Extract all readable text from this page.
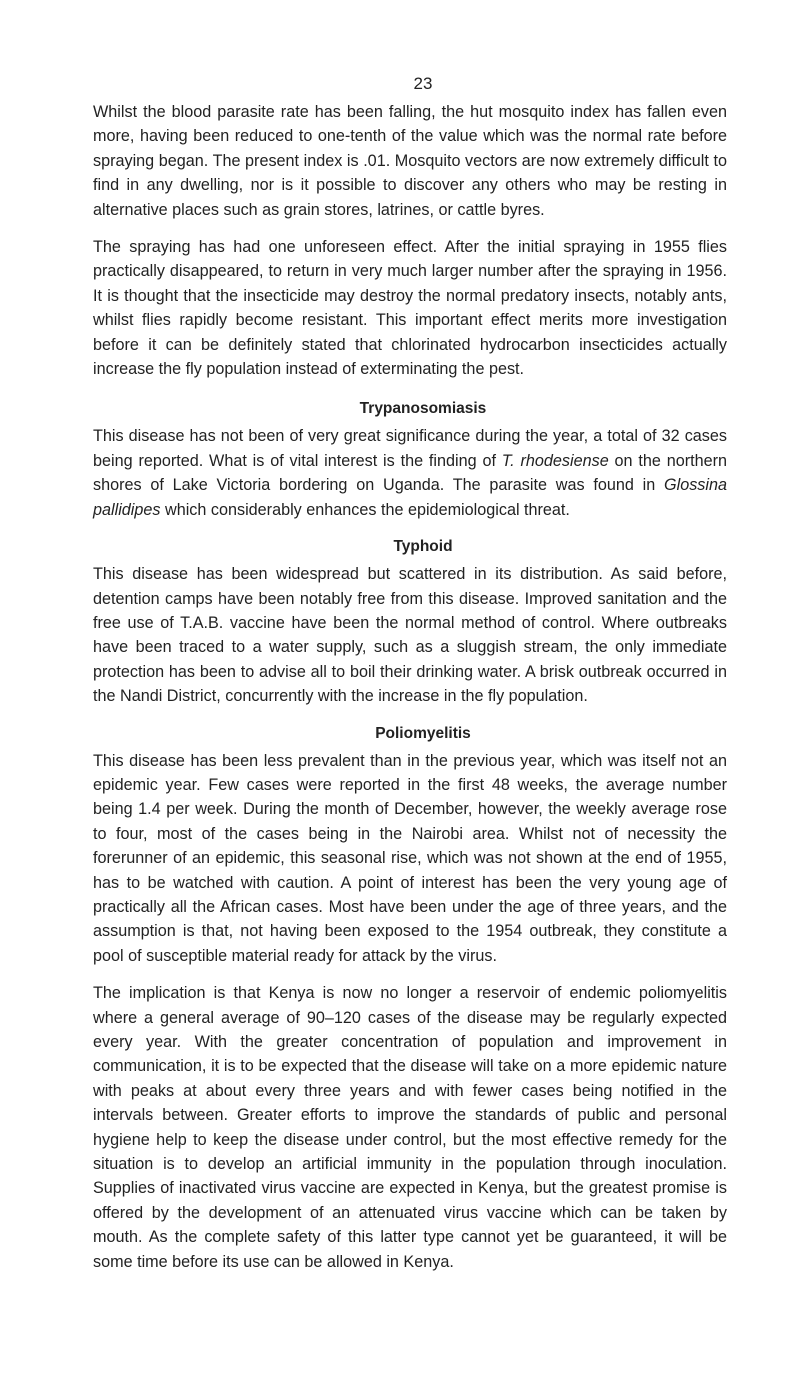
23

Whilst the blood parasite rate has been falling, the hut mosquito index has fallen even more, having been reduced to one-tenth of the value which was the normal rate before spraying began. The present index is .01. Mosquito vectors are now extremely difficult to find in any dwelling, nor is it possible to discover any others who may be resting in alternative places such as grain stores, latrines, or cattle byres.

The spraying has had one unforeseen effect. After the initial spraying in 1955 flies practically disappeared, to return in very much larger number after the spraying in 1956. It is thought that the insecticide may destroy the normal predatory insects, notably ants, whilst flies rapidly become resistant. This important effect merits more investigation before it can be definitely stated that chlorinated hydrocarbon insecticides actually increase the fly population instead of exterminating the pest.

Trypanosomiasis

This disease has not been of very great significance during the year, a total of 32 cases being reported. What is of vital interest is the finding of T. rhodesiense on the northern shores of Lake Victoria bordering on Uganda. The parasite was found in Glossina pallidipes which considerably enhances the epidemiological threat.

Typhoid

This disease has been widespread but scattered in its distribution. As said before, detention camps have been notably free from this disease. Improved sanitation and the free use of T.A.B. vaccine have been the normal method of control. Where outbreaks have been traced to a water supply, such as a sluggish stream, the only immediate protection has been to advise all to boil their drinking water. A brisk outbreak occurred in the Nandi District, concurrently with the increase in the fly population.

Poliomyelitis

This disease has been less prevalent than in the previous year, which was itself not an epidemic year. Few cases were reported in the first 48 weeks, the average number being 1.4 per week. During the month of December, however, the weekly average rose to four, most of the cases being in the Nairobi area. Whilst not of necessity the forerunner of an epidemic, this seasonal rise, which was not shown at the end of 1955, has to be watched with caution. A point of interest has been the very young age of practically all the African cases. Most have been under the age of three years, and the assumption is that, not having been exposed to the 1954 outbreak, they constitute a pool of susceptible material ready for attack by the virus.

The implication is that Kenya is now no longer a reservoir of endemic poliomyelitis where a general average of 90–120 cases of the disease may be regularly expected every year. With the greater concentration of population and improvement in communication, it is to be expected that the disease will take on a more epidemic nature with peaks at about every three years and with fewer cases being notified in the intervals between. Greater efforts to improve the standards of public and personal hygiene help to keep the disease under control, but the most effective remedy for the situation is to develop an artificial immunity in the population through inoculation. Supplies of inactivated virus vaccine are expected in Kenya, but the greatest promise is offered by the development of an attenuated virus vaccine which can be taken by mouth. As the complete safety of this latter type cannot yet be guaranteed, it will be some time before its use can be allowed in Kenya.
